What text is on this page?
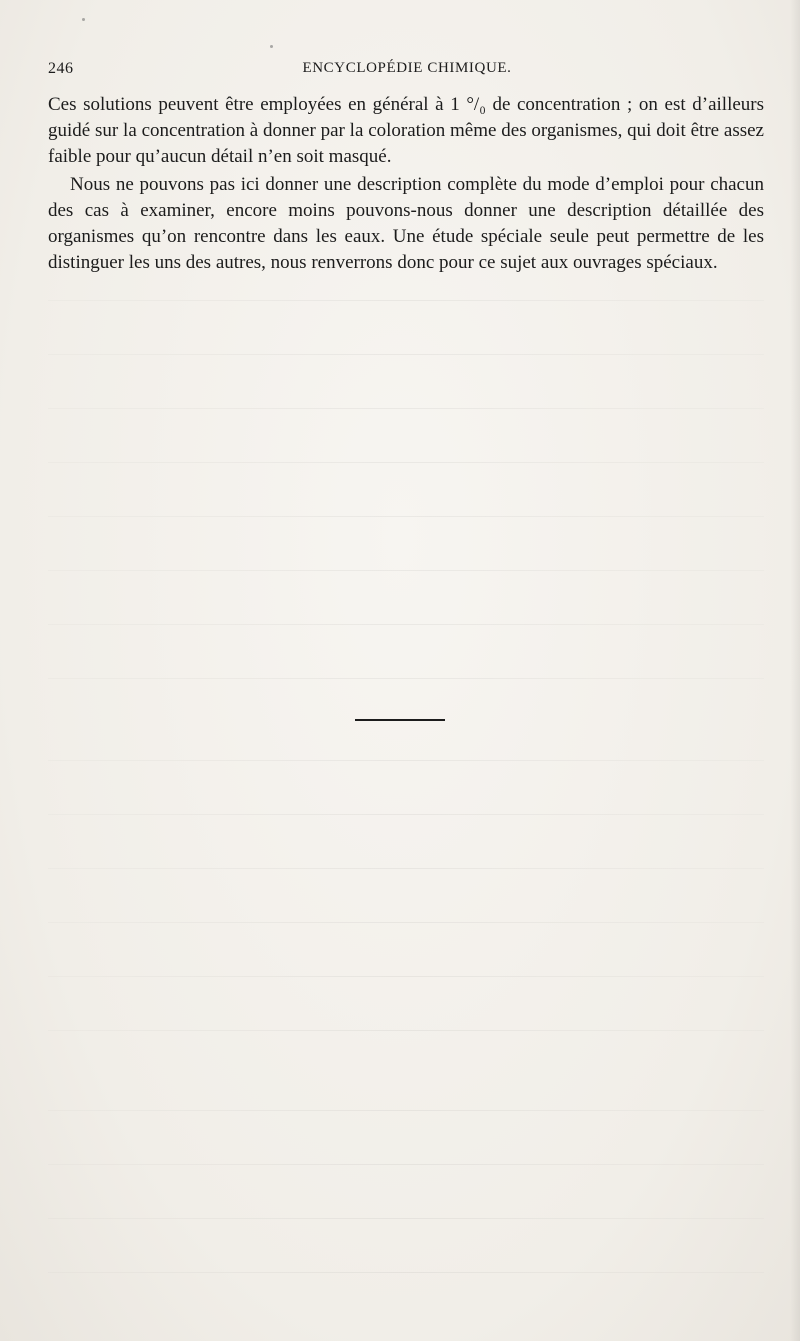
246	ENCYCLOPÉDIE CHIMIQUE.

Ces solutions peuvent être employées en général à 1 °/₀ de concentration ; on est d’ailleurs guidé sur la concentration à donner par la coloration même des organismes, qui doit être assez faible pour qu’aucun détail n’en soit masqué.

Nous ne pouvons pas ici donner une description complète du mode d’emploi pour chacun des cas à examiner, encore moins pouvons-nous donner une description détaillée des organismes qu’on rencontre dans les eaux. Une étude spéciale seule peut permettre de les distinguer les uns des autres, nous renverrons donc pour ce sujet aux ouvrages spéciaux.
